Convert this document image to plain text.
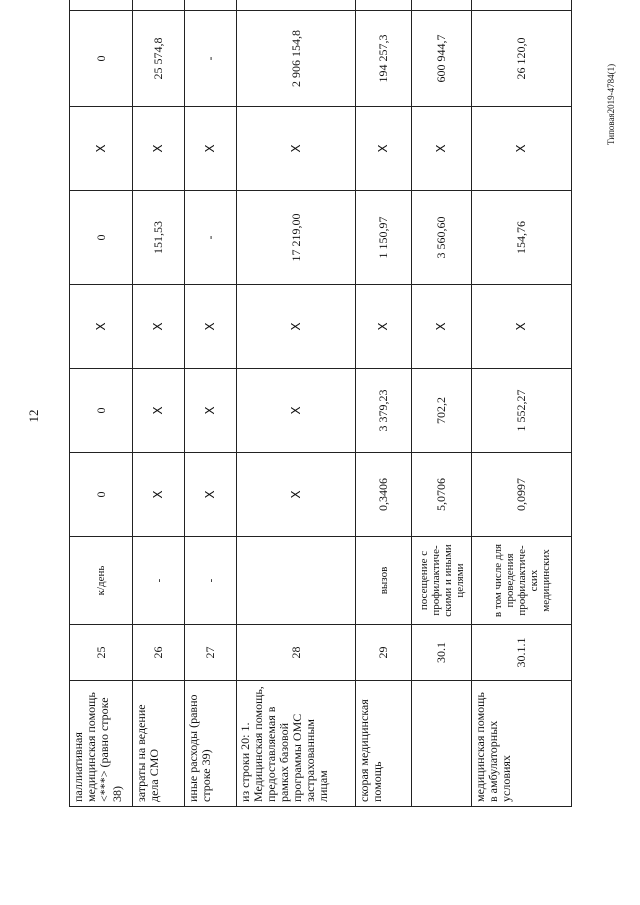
12
паллиативная медицинская помощь <***> (равно строке 38)	25	к/день	0	0	X	0	X	0	
затраты на ведение дела СМО	26	-	X	X	X	151,53	X	25 574,8	
иные расходы (равно строке 39)	27	-	X	X	X	-	X	-	
из строки 20: 1. Медицинская помощь, предоставляемая в рамках базовой программы ОМС застрахованным лицам	28		X	X	X	17 219,00	X	2 906 154,8	
скорая медицинская помощь	29	вызов	0,3406	3 379,23	X	1 150,97	X	194 257,3	
	30.1	посещение с профилактиче-скими и иными целями	5,0706	702,2	X	3 560,60	X	600 944,7	
медицинская помощь в амбулаторных условиях	30.1.1	в том числе для проведения профилактиче-ских медицинских	0,0997	1 552,27	X	154,76	X	26 120,0	
Типовая2019-4784(1)
